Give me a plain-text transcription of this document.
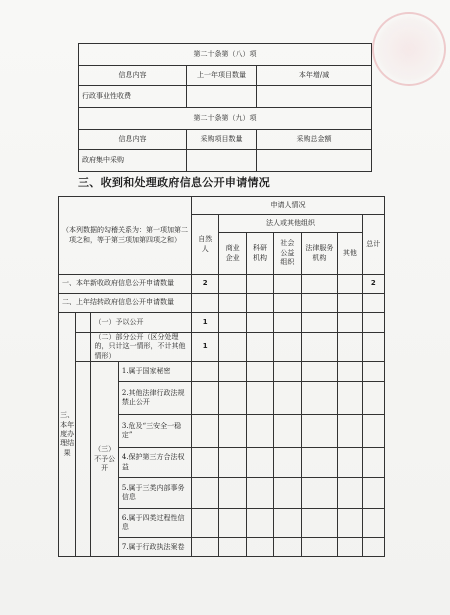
第二十条第（八）项		
信息内容	上一年项目数量	本年增/减
行政事业性收费		
第二十条第（九）项		
信息内容	采购项目数量	采购总金额
政府集中采购		
三、收到和处理政府信息公开申请情况
（本列数据的勾稽关系为：第一项加第二项之和，等于第三项加第四项之和）				申请人情况						
				自然人	法人或其他组织					总计
					商业企业	科研机构	社会公益组织	法律服务机构	其他	
一、本年新收政府信息公开申请数量				2						2
二、上年结转政府信息公开申请数量										
三、本年度办理结果		（一）予以公开		1						
		（二）部分公开（区分处理的，只计这一情形，不计其他情形）		1						
		（三）不予公开	1.属于国家秘密							
			2.其他法律行政法规禁止公开							
			3.危及“三安全一稳定”							
			4.保护第三方合法权益							
			5.属于三类内部事务信息							
			6.属于四类过程性信息							
			7.属于行政执法案卷							
